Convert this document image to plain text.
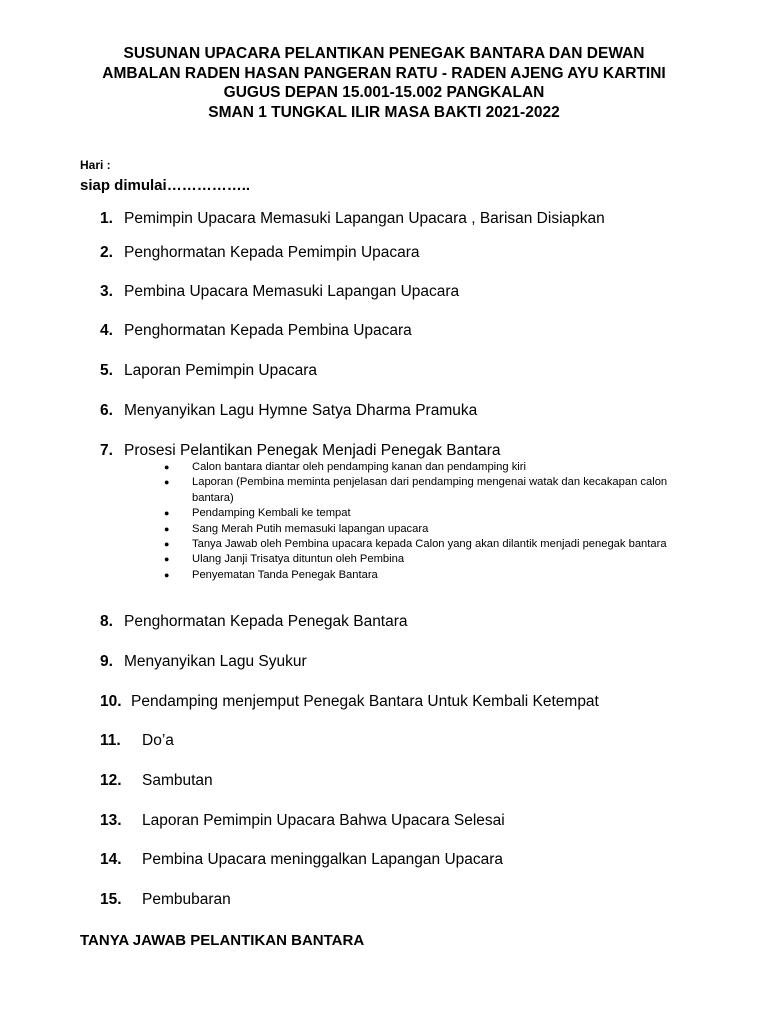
SUSUNAN UPACARA PELANTIKAN PENEGAK BANTARA DAN DEWAN
AMBALAN RADEN HASAN PANGERAN RATU - RADEN AJENG AYU KARTINI
GUGUS DEPAN 15.001-15.002 PANGKALAN
SMAN 1 TUNGKAL ILIR MASA BAKTI 2021-2022
Hari :
siap dimulai……………..
1. Pemimpin Upacara Memasuki Lapangan Upacara , Barisan Disiapkan
2. Penghormatan Kepada Pemimpin Upacara
3. Pembina Upacara Memasuki Lapangan Upacara
4. Penghormatan Kepada Pembina Upacara
5. Laporan Pemimpin Upacara
6. Menyanyikan Lagu Hymne Satya Dharma Pramuka
7. Prosesi Pelantikan Penegak Menjadi Penegak Bantara
● Calon bantara diantar oleh pendamping kanan dan pendamping kiri
● Laporan (Pembina meminta penjelasan dari pendamping mengenai watak dan kecakapan calon bantara)
● Pendamping Kembali ke tempat
● Sang Merah Putih memasuki lapangan upacara
● Tanya Jawab oleh Pembina upacara kepada Calon yang akan dilantik menjadi penegak bantara
● Ulang Janji Trisatya dituntun oleh Pembina
● Penyematan Tanda Penegak Bantara
8. Penghormatan Kepada Penegak Bantara
9. Menyanyikan Lagu Syukur
10. Pendamping menjemput Penegak Bantara Untuk Kembali Ketempat
11. Do’a
12. Sambutan
13. Laporan Pemimpin Upacara Bahwa Upacara Selesai
14. Pembina Upacara meninggalkan Lapangan Upacara
15. Pembubaran
TANYA JAWAB PELANTIKAN BANTARA
